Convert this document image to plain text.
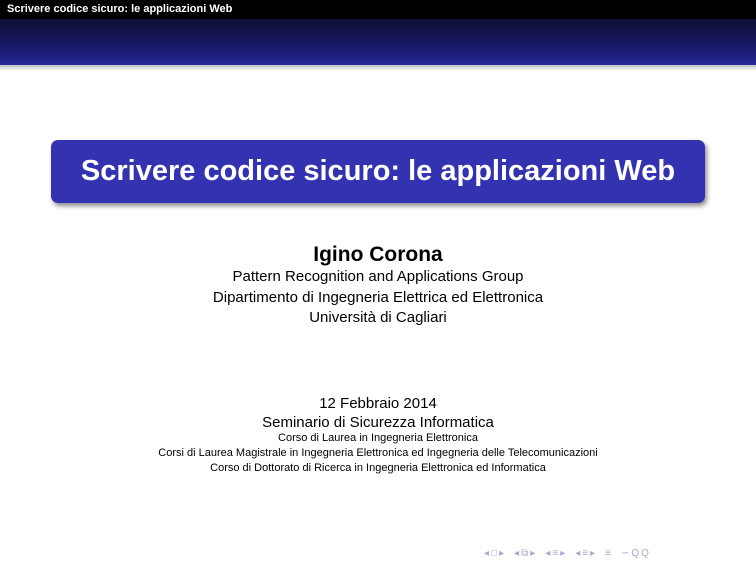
Scrivere codice sicuro: le applicazioni Web
Scrivere codice sicuro: le applicazioni Web
Igino Corona
Pattern Recognition and Applications Group
Dipartimento di Ingegneria Elettrica ed Elettronica
Università di Cagliari
12 Febbraio 2014
Seminario di Sicurezza Informatica
Corso di Laurea in Ingegneria Elettronica
Corsi di Laurea Magistrale in Ingegneria Elettronica ed Ingegneria delle Telecomunicazioni
Corso di Dottorato di Ricerca in Ingegneria Elettronica ed Informatica
◂ □ ▸ ◂ ⧉ ▸ ◂ ≡ ▸ ◂ ≡ ▸ ≡ ∽ Q Q
